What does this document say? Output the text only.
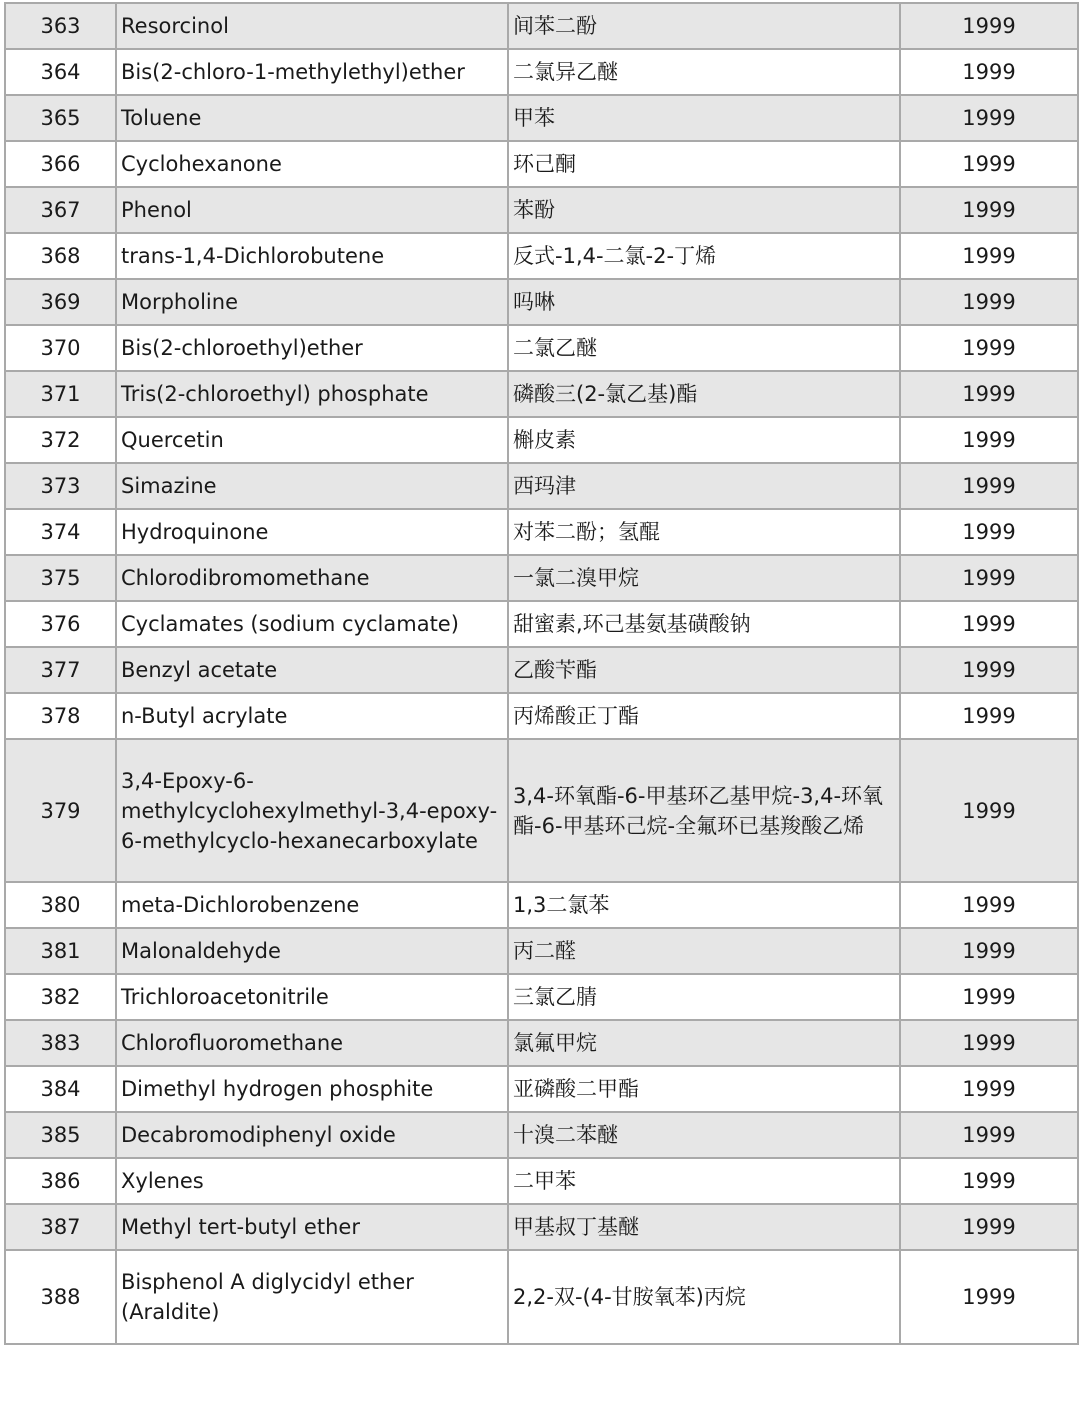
363	Resorcinol	间苯二酚	1999
364	Bis(2-chloro-1-methylethyl)ether	二氯异乙醚	1999
365	Toluene	甲苯	1999
366	Cyclohexanone	环己酮	1999
367	Phenol	苯酚	1999
368	trans-1,4-Dichlorobutene	反式-1,4-二氯-2-丁烯	1999
369	Morpholine	吗啉	1999
370	Bis(2-chloroethyl)ether	二氯乙醚	1999
371	Tris(2-chloroethyl) phosphate	磷酸三(2-氯乙基)酯	1999
372	Quercetin	槲皮素	1999
373	Simazine	西玛津	1999
374	Hydroquinone	对苯二酚；氢醌	1999
375	Chlorodibromomethane	一氯二溴甲烷	1999
376	Cyclamates (sodium cyclamate)	甜蜜素,环己基氨基磺酸钠	1999
377	Benzyl acetate	乙酸苄酯	1999
378	n-Butyl acrylate	丙烯酸正丁酯	1999
379	3,4-Epoxy-6-methylcyclohexylmethyl-3,4-epoxy-6-methylcyclo-hexanecarboxylate	3,4-环氧酯-6-甲基环乙基甲烷-3,4-环氧酯-6-甲基环己烷-全氟环已基羧酸乙烯	1999
380	meta-Dichlorobenzene	1,3二氯苯	1999
381	Malonaldehyde	丙二醛	1999
382	Trichloroacetonitrile	三氯乙腈	1999
383	Chlorofluoromethane	氯氟甲烷	1999
384	Dimethyl hydrogen phosphite	亚磷酸二甲酯	1999
385	Decabromodiphenyl oxide	十溴二苯醚	1999
386	Xylenes	二甲苯	1999
387	Methyl tert-butyl ether	甲基叔丁基醚	1999
388	Bisphenol A diglycidyl ether (Araldite)	2,2-双-(4-甘胺氧苯)丙烷	1999
